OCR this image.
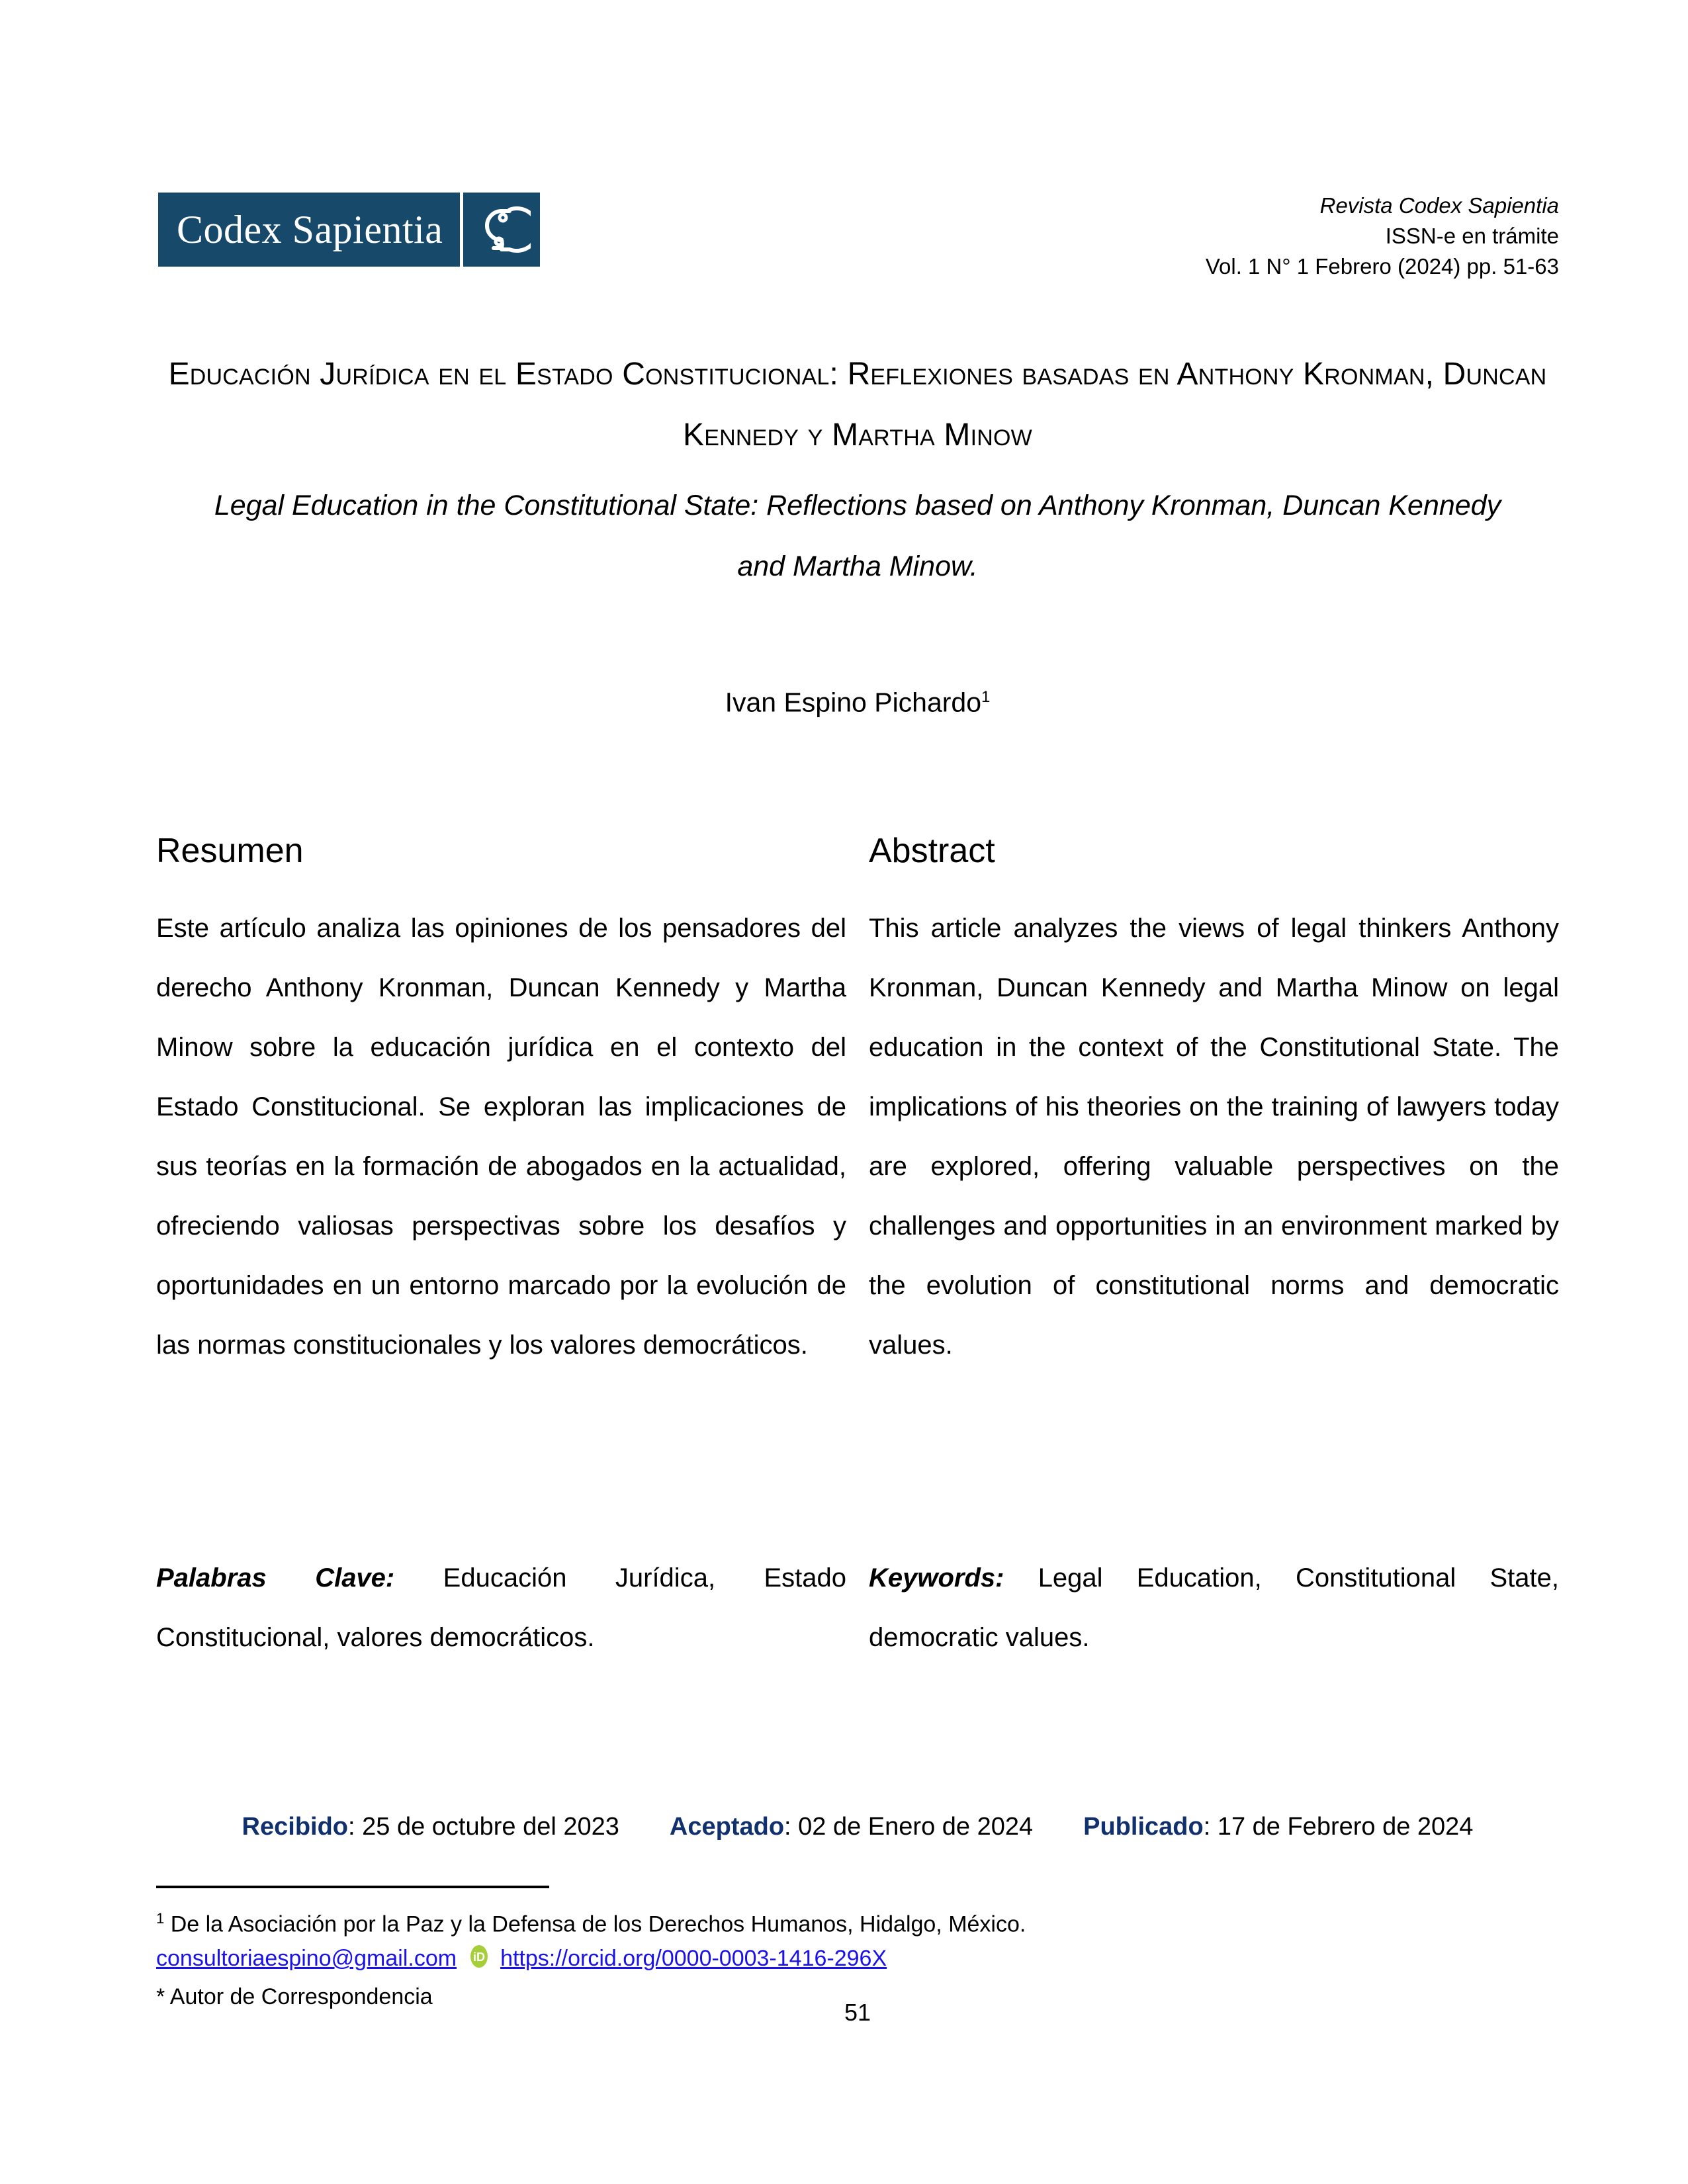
Codex Sapientia
Revista Codex Sapientia
ISSN-e en trámite
Vol. 1 N° 1 Febrero (2024) pp. 51-63
Educación Jurídica en el Estado Constitucional: Reflexiones basadas en Anthony Kronman, Duncan Kennedy y Martha Minow
Legal Education in the Constitutional State: Reflections based on Anthony Kronman, Duncan Kennedy and Martha Minow.
Ivan Espino Pichardo$^1$
Resumen

Este artículo analiza las opiniones de los pensadores del derecho Anthony Kronman, Duncan Kennedy y Martha Minow sobre la educación jurídica en el contexto del Estado Constitucional. Se exploran las implicaciones de sus teorías en la formación de abogados en la actualidad, ofreciendo valiosas perspectivas sobre los desafíos y oportunidades en un entorno marcado por la evolución de las normas constitucionales y los valores democráticos.

Abstract

This article analyzes the views of legal thinkers Anthony Kronman, Duncan Kennedy and Martha Minow on legal education in the context of the Constitutional State. The implications of his theories on the training of lawyers today are explored, offering valuable perspectives on the challenges and opportunities in an environment marked by the evolution of constitutional norms and democratic values.

Palabras Clave: Educación Jurídica, Estado Constitucional, valores democráticos.

Keywords: Legal Education, Constitutional State, democratic values.

Recibido: 25 de octubre del 2023 Aceptado: 02 de Enero de 2024 Publicado: 17 de Febrero de 2024
$^1$ De la Asociación por la Paz y la Defensa de los Derechos Humanos, Hidalgo, México.
consultoriaespino@gmail.com iD https://orcid.org/0000-0003-1416-296X
* Autor de Correspondencia
51
